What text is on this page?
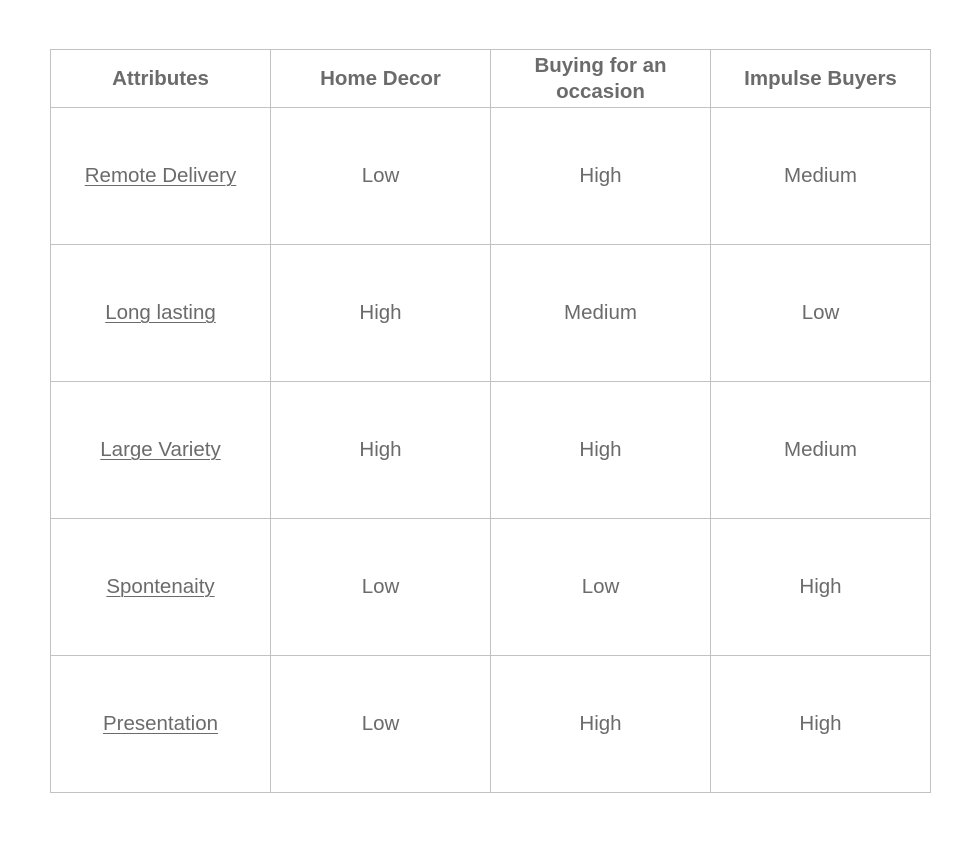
Attributes	Home Decor	Buying for an occasion	Impulse Buyers
Remote Delivery	Low	High	Medium
Long lasting	High	Medium	Low
Large Variety	High	High	Medium
Spontenaity	Low	Low	High
Presentation	Low	High	High
